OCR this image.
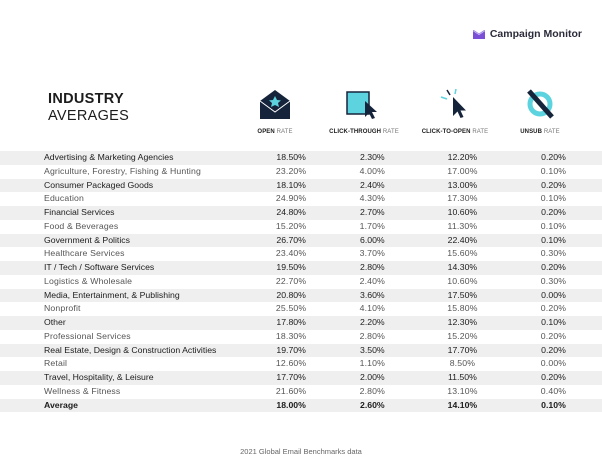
Campaign Monitor
INDUSTRY
AVERAGES
OPEN RATE	CLICK-THROUGH RATE	CLICK-TO-OPEN RATE	UNSUB RATE
Advertising & Marketing Agencies	18.50%	2.30%	12.20%	0.20%
Agriculture, Forestry, Fishing & Hunting	23.20%	4.00%	17.00%	0.10%
Consumer Packaged Goods	18.10%	2.40%	13.00%	0.20%
Education	24.90%	4.30%	17.30%	0.10%
Financial Services	24.80%	2.70%	10.60%	0.20%
Food & Beverages	15.20%	1.70%	11.30%	0.10%
Government & Politics	26.70%	6.00%	22.40%	0.10%
Healthcare Services	23.40%	3.70%	15.60%	0.30%
IT / Tech / Software Services	19.50%	2.80%	14.30%	0.20%
Logistics & Wholesale	22.70%	2.40%	10.60%	0.30%
Media, Entertainment, & Publishing	20.80%	3.60%	17.50%	0.00%
Nonprofit	25.50%	4.10%	15.80%	0.20%
Other	17.80%	2.20%	12.30%	0.10%
Professional Services	18.30%	2.80%	15.20%	0.20%
Real Estate, Design & Construction Activities	19.70%	3.50%	17.70%	0.20%
Retail	12.60%	1.10%	8.50%	0.00%
Travel, Hospitality, & Leisure	17.70%	2.00%	11.50%	0.20%
Wellness & Fitness	21.60%	2.80%	13.10%	0.40%
Average	18.00%	2.60%	14.10%	0.10%
2021 Global Email Benchmarks data
